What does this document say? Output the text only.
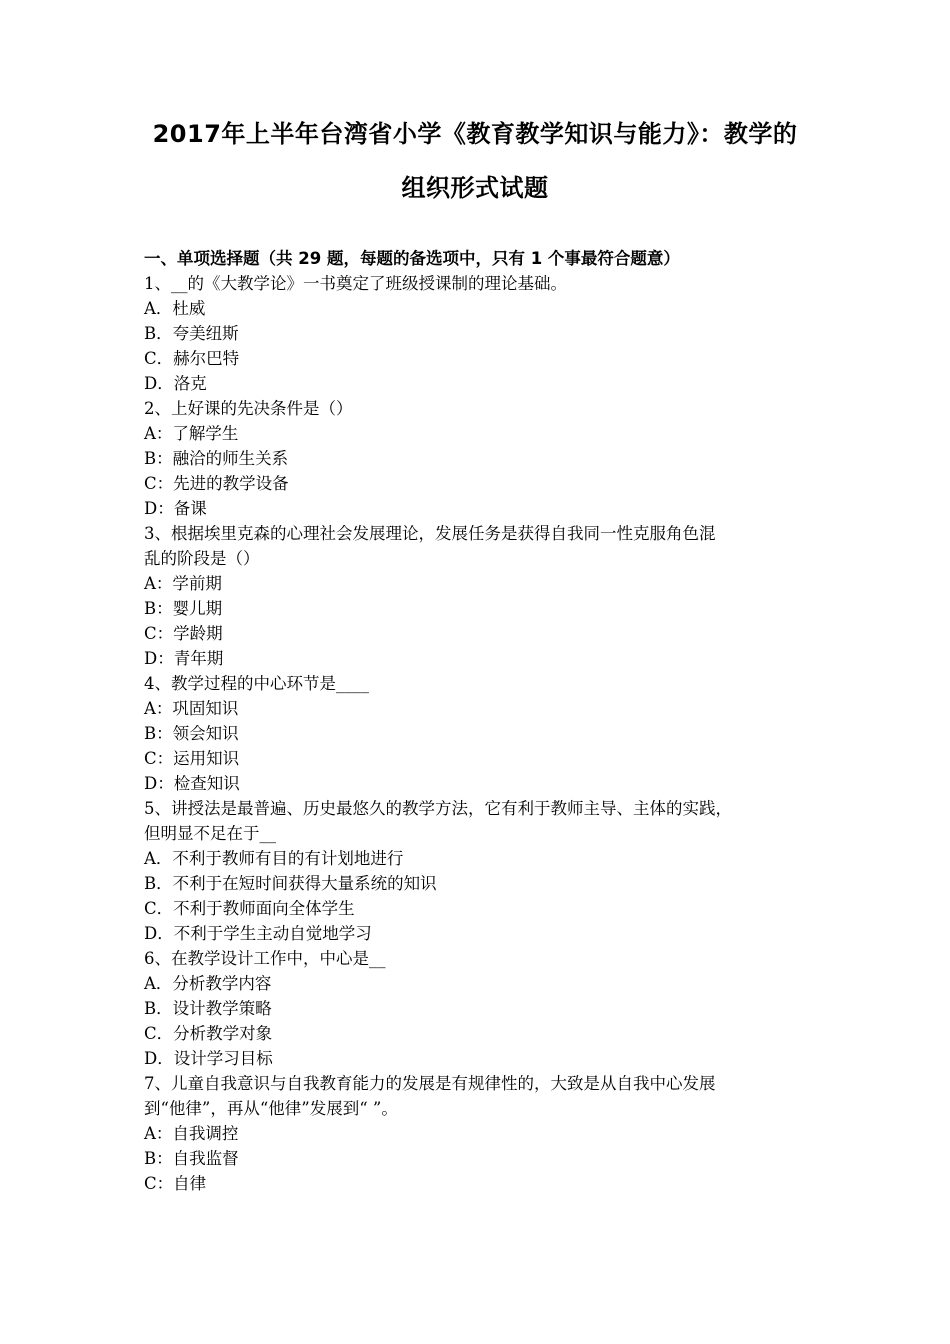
2017年上半年台湾省小学《教育教学知识与能力》：教学的
组织形式试题
一、单项选择题（共 29 题，每题的备选项中，只有 1 个事最符合题意）
1、__的《大教学论》一书奠定了班级授课制的理论基础。
A．杜威
B．夸美纽斯
C．赫尔巴特
D．洛克
2、上好课的先决条件是（）
A：了解学生
B：融洽的师生关系
C：先进的教学设备
D：备课
3、根据埃里克森的心理社会发展理论，发展任务是获得自我同一性克服角色混
乱的阶段是（）
A：学前期
B：婴儿期
C：学龄期
D：青年期
4、教学过程的中心环节是____
A：巩固知识
B：领会知识
C：运用知识
D：检查知识
5、讲授法是最普遍、历史最悠久的教学方法，它有利于教师主导、主体的实践，
但明显不足在于__
A．不利于教师有目的有计划地进行
B．不利于在短时间获得大量系统的知识
C．不利于教师面向全体学生
D．不利于学生主动自觉地学习
6、在教学设计工作中，中心是__
A．分析教学内容
B．设计教学策略
C．分析教学对象
D．设计学习目标
7、儿童自我意识与自我教育能力的发展是有规律性的，大致是从自我中心发展
到“他律”，再从“他律”发展到“ ”。
A：自我调控
B：自我监督
C：自律
